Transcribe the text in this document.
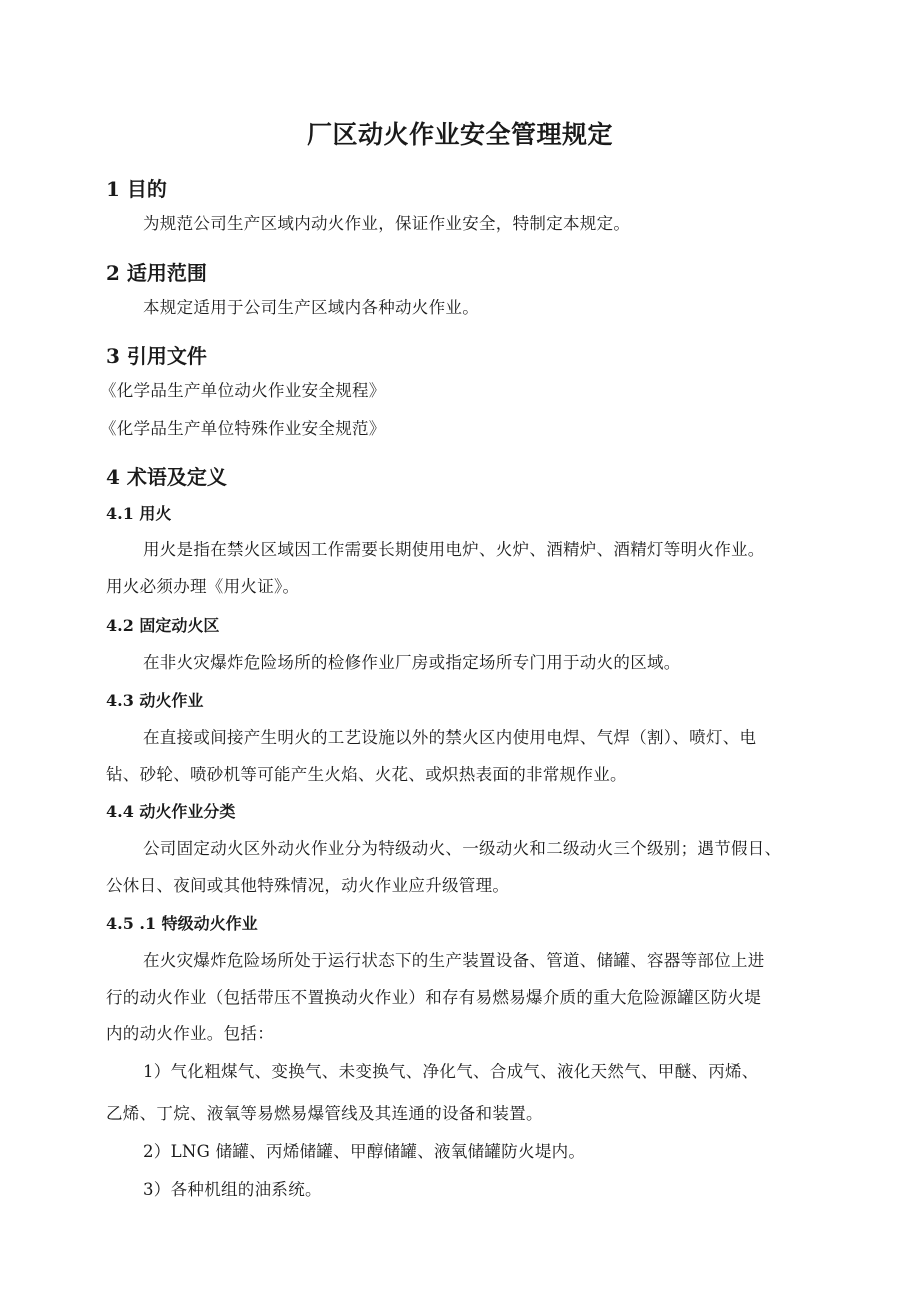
厂区动火作业安全管理规定
1 目的

为规范公司生产区域内动火作业，保证作业安全，特制定本规定。

2 适用范围

本规定适用于公司生产区域内各种动火作业。

3 引用文件

《化学品生产单位动火作业安全规程》

《化学品生产单位特殊作业安全规范》

4 术语及定义
4.1 用火

用火是指在禁火区域因工作需要长期使用电炉、火炉、酒精炉、酒精灯等明火作业。

用火必须办理《用火证》。

4.2 固定动火区

在非火灾爆炸危险场所的检修作业厂房或指定场所专门用于动火的区域。

4.3 动火作业

在直接或间接产生明火的工艺设施以外的禁火区内使用电焊、气焊（割）、喷灯、电

钻、砂轮、喷砂机等可能产生火焰、火花、或炽热表面的非常规作业。

4.4 动火作业分类

公司固定动火区外动火作业分为特级动火、一级动火和二级动火三个级别；遇节假日、

公休日、夜间或其他特殊情况，动火作业应升级管理。

4.5 .1 特级动火作业

在火灾爆炸危险场所处于运行状态下的生产装置设备、管道、储罐、容器等部位上进

行的动火作业（包括带压不置换动火作业）和存有易燃易爆介质的重大危险源罐区防火堤

内的动火作业。包括：

1）气化粗煤气、变换气、未变换气、净化气、合成气、液化天然气、甲醚、丙烯、

乙烯、丁烷、液氧等易燃易爆管线及其连通的设备和装置。

2）LNG 储罐、丙烯储罐、甲醇储罐、液氧储罐防火堤内。

3）各种机组的油系统。
